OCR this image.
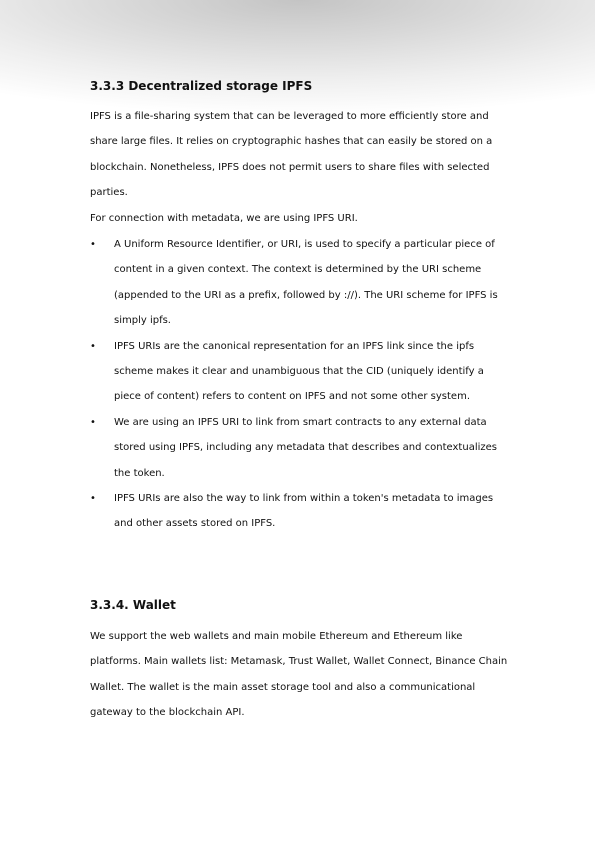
3.3.3 Decentralized storage IPFS

IPFS is a file-sharing system that can be leveraged to more efficiently store and share large files. It relies on cryptographic hashes that can easily be stored on a blockchain. Nonetheless, IPFS does not permit users to share files with selected parties.

For connection with metadata, we are using IPFS URI.

• A Uniform Resource Identifier, or URI, is used to specify a particular piece of content in a given context. The context is determined by the URI scheme (appended to the URI as a prefix, followed by ://). The URI scheme for IPFS is simply ipfs.
• IPFS URIs are the canonical representation for an IPFS link since the ipfs scheme makes it clear and unambiguous that the CID (uniquely identify a piece of content) refers to content on IPFS and not some other system.
• We are using an IPFS URI to link from smart contracts to any external data stored using IPFS, including any metadata that describes and contextualizes the token.
• IPFS URIs are also the way to link from within a token's metadata to images and other assets stored on IPFS.
3.3.4. Wallet

We support the web wallets and main mobile Ethereum and Ethereum like platforms. Main wallets list: Metamask, Trust Wallet, Wallet Connect, Binance Chain Wallet. The wallet is the main asset storage tool and also a communicational gateway to the blockchain API.
